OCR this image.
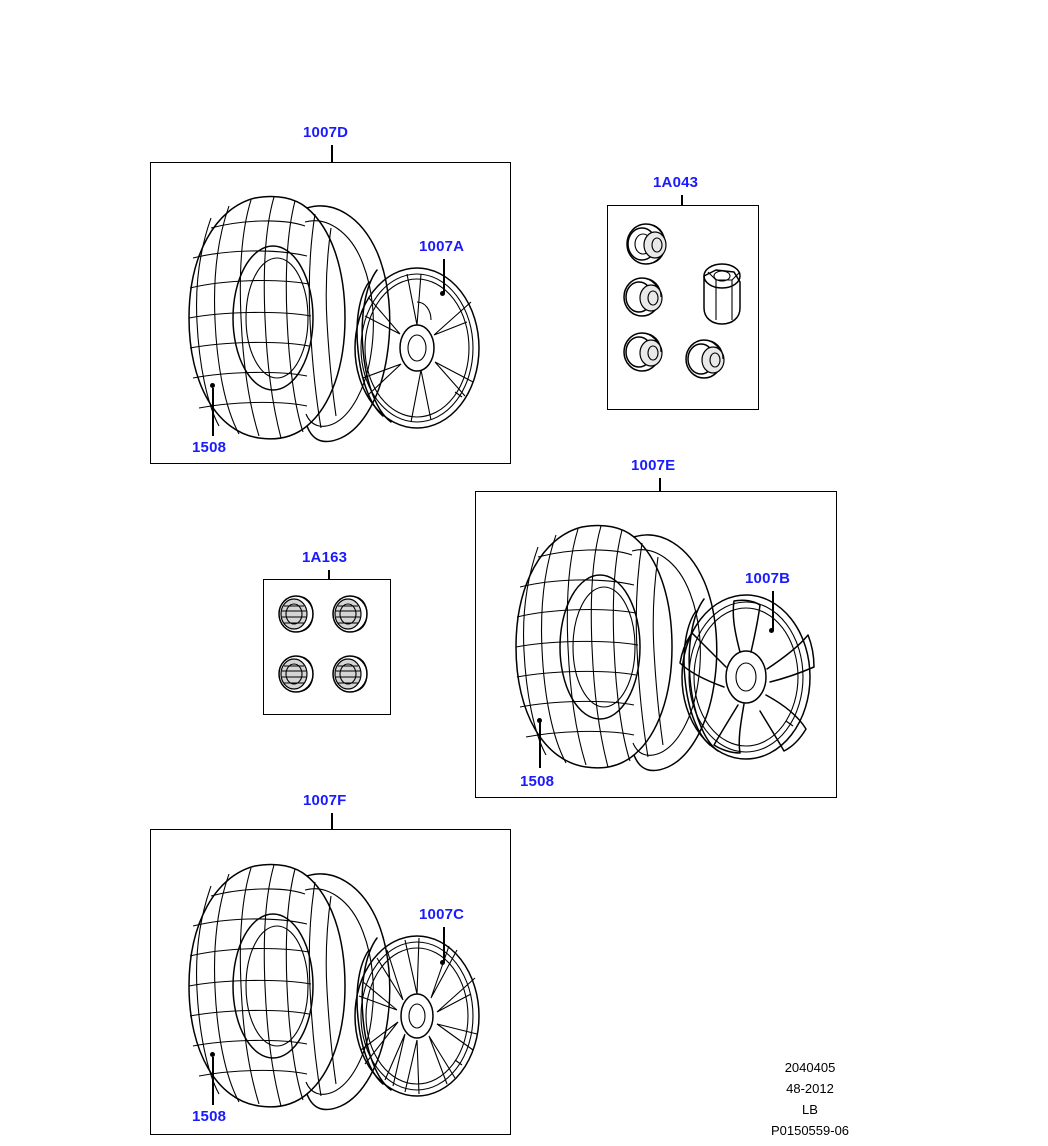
1007D
1007A
1508
1A043
1007E
1007B
1508
1A163
1007F
1007C
1508
2040405
48-2012
LB
P0150559-06
